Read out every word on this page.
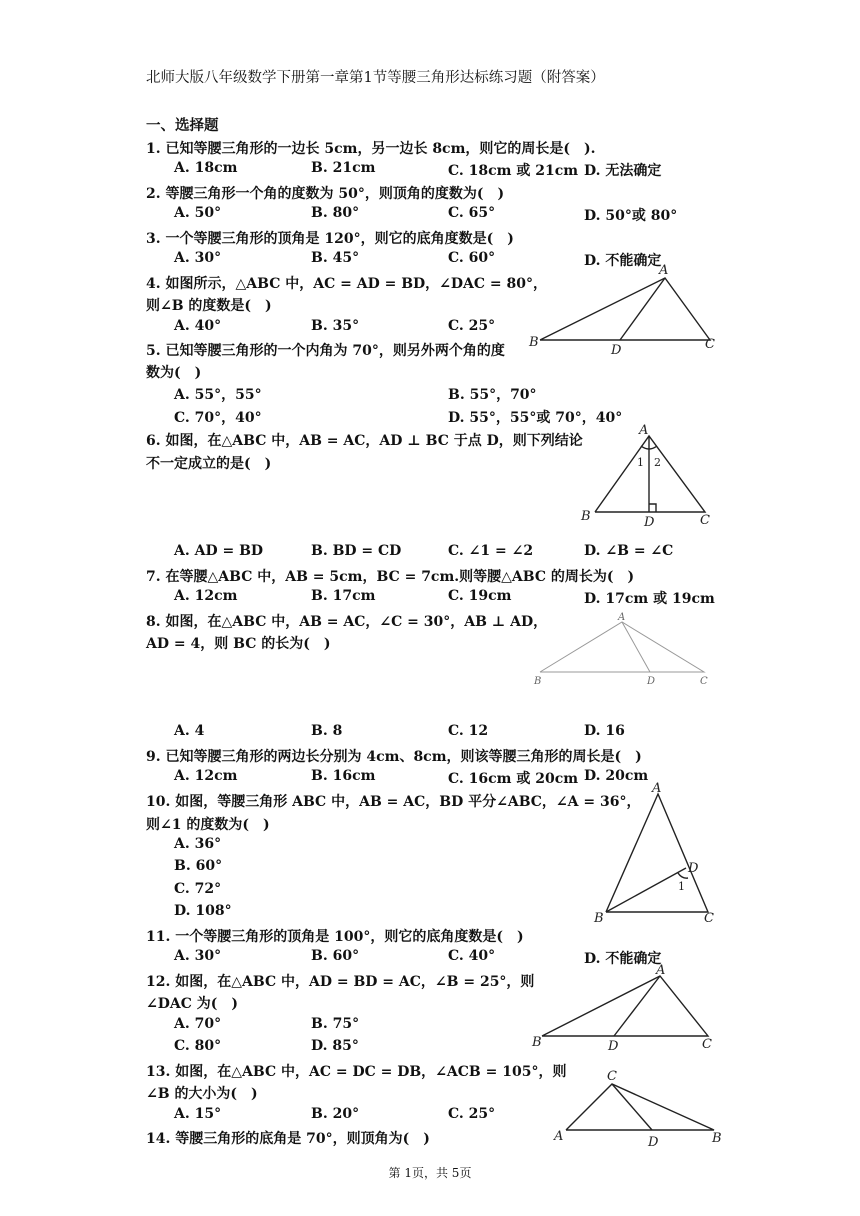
北师大版八年级数学下册第一章第1节等腰三角形达标练习题（附答案）
一、选择题
1. 已知等腰三角形的一边长 5cm，另一边长 8cm，则它的周长是(　).
A. 18cm	B. 21cm	C. 18cm 或 21cm D. 无法确定
2. 等腰三角形一个角的度数为 50°，则顶角的度数为(　)
A. 50°	B. 80°	C. 65°	D. 50°或 80°
3. 一个等腰三角形的顶角是 120°，则它的底角度数是(　)
A. 30°	B. 45°	C. 60°	D. 不能确定
4. 如图所示，△ABC 中，AC = AD = BD，∠DAC = 80°，
则∠B 的度数是(　)
A. 40°	B. 35°	C. 25°
A
B
D	C
5. 已知等腰三角形的一个内角为 70°，则另外两个角的度
数为(　)
A. 55°，55°	B. 55°，70°
C. 70°，40°	D. 55°，55°或 70°，40°
6. 如图，在△ABC 中，AB = AC，AD ⊥ BC 于点 D，则下列结论
不一定成立的是(　)
A
1 2
B	D	C
A. AD = BD	B. BD = CD	C. ∠1 = ∠2	D. ∠B = ∠C
7. 在等腰△ABC 中，AB = 5cm，BC = 7cm.则等腰△ABC 的周长为(　)
A. 12cm	B. 17cm	C. 19cm	D. 17cm 或 19cm
8. 如图，在△ABC 中，AB = AC，∠C = 30°，AB ⊥ AD，
AD = 4，则 BC 的长为(　)
A
B	D	C
A. 4	B. 8	C. 12	D. 16
9. 已知等腰三角形的两边长分别为 4cm、8cm，则该等腰三角形的周长是(　)
A. 12cm	B. 16cm	C. 16cm 或 20cm D. 20cm
10. 如图，等腰三角形 ABC 中，AB = AC，BD 平分∠ABC，∠A = 36°，
则∠1 的度数为(　)
A. 36°
B. 60°
C. 72°
D. 108°
A
D
1
B	C
11. 一个等腰三角形的顶角是 100°，则它的底角度数是(　)
A. 30°	B. 60°	C. 40°	D. 不能确定
12. 如图，在△ABC 中，AD = BD = AC，∠B = 25°，则
∠DAC 为(　)
A. 70°	B. 75°
C. 80°	D. 85°
A
B	D	C
13. 如图，在△ABC 中，AC = DC = DB，∠ACB = 105°，则
∠B 的大小为(　)
A. 15°	B. 20°	C. 25°
C
A	D	B
14. 等腰三角形的底角是 70°，则顶角为(　)
第 1页，共 5页
